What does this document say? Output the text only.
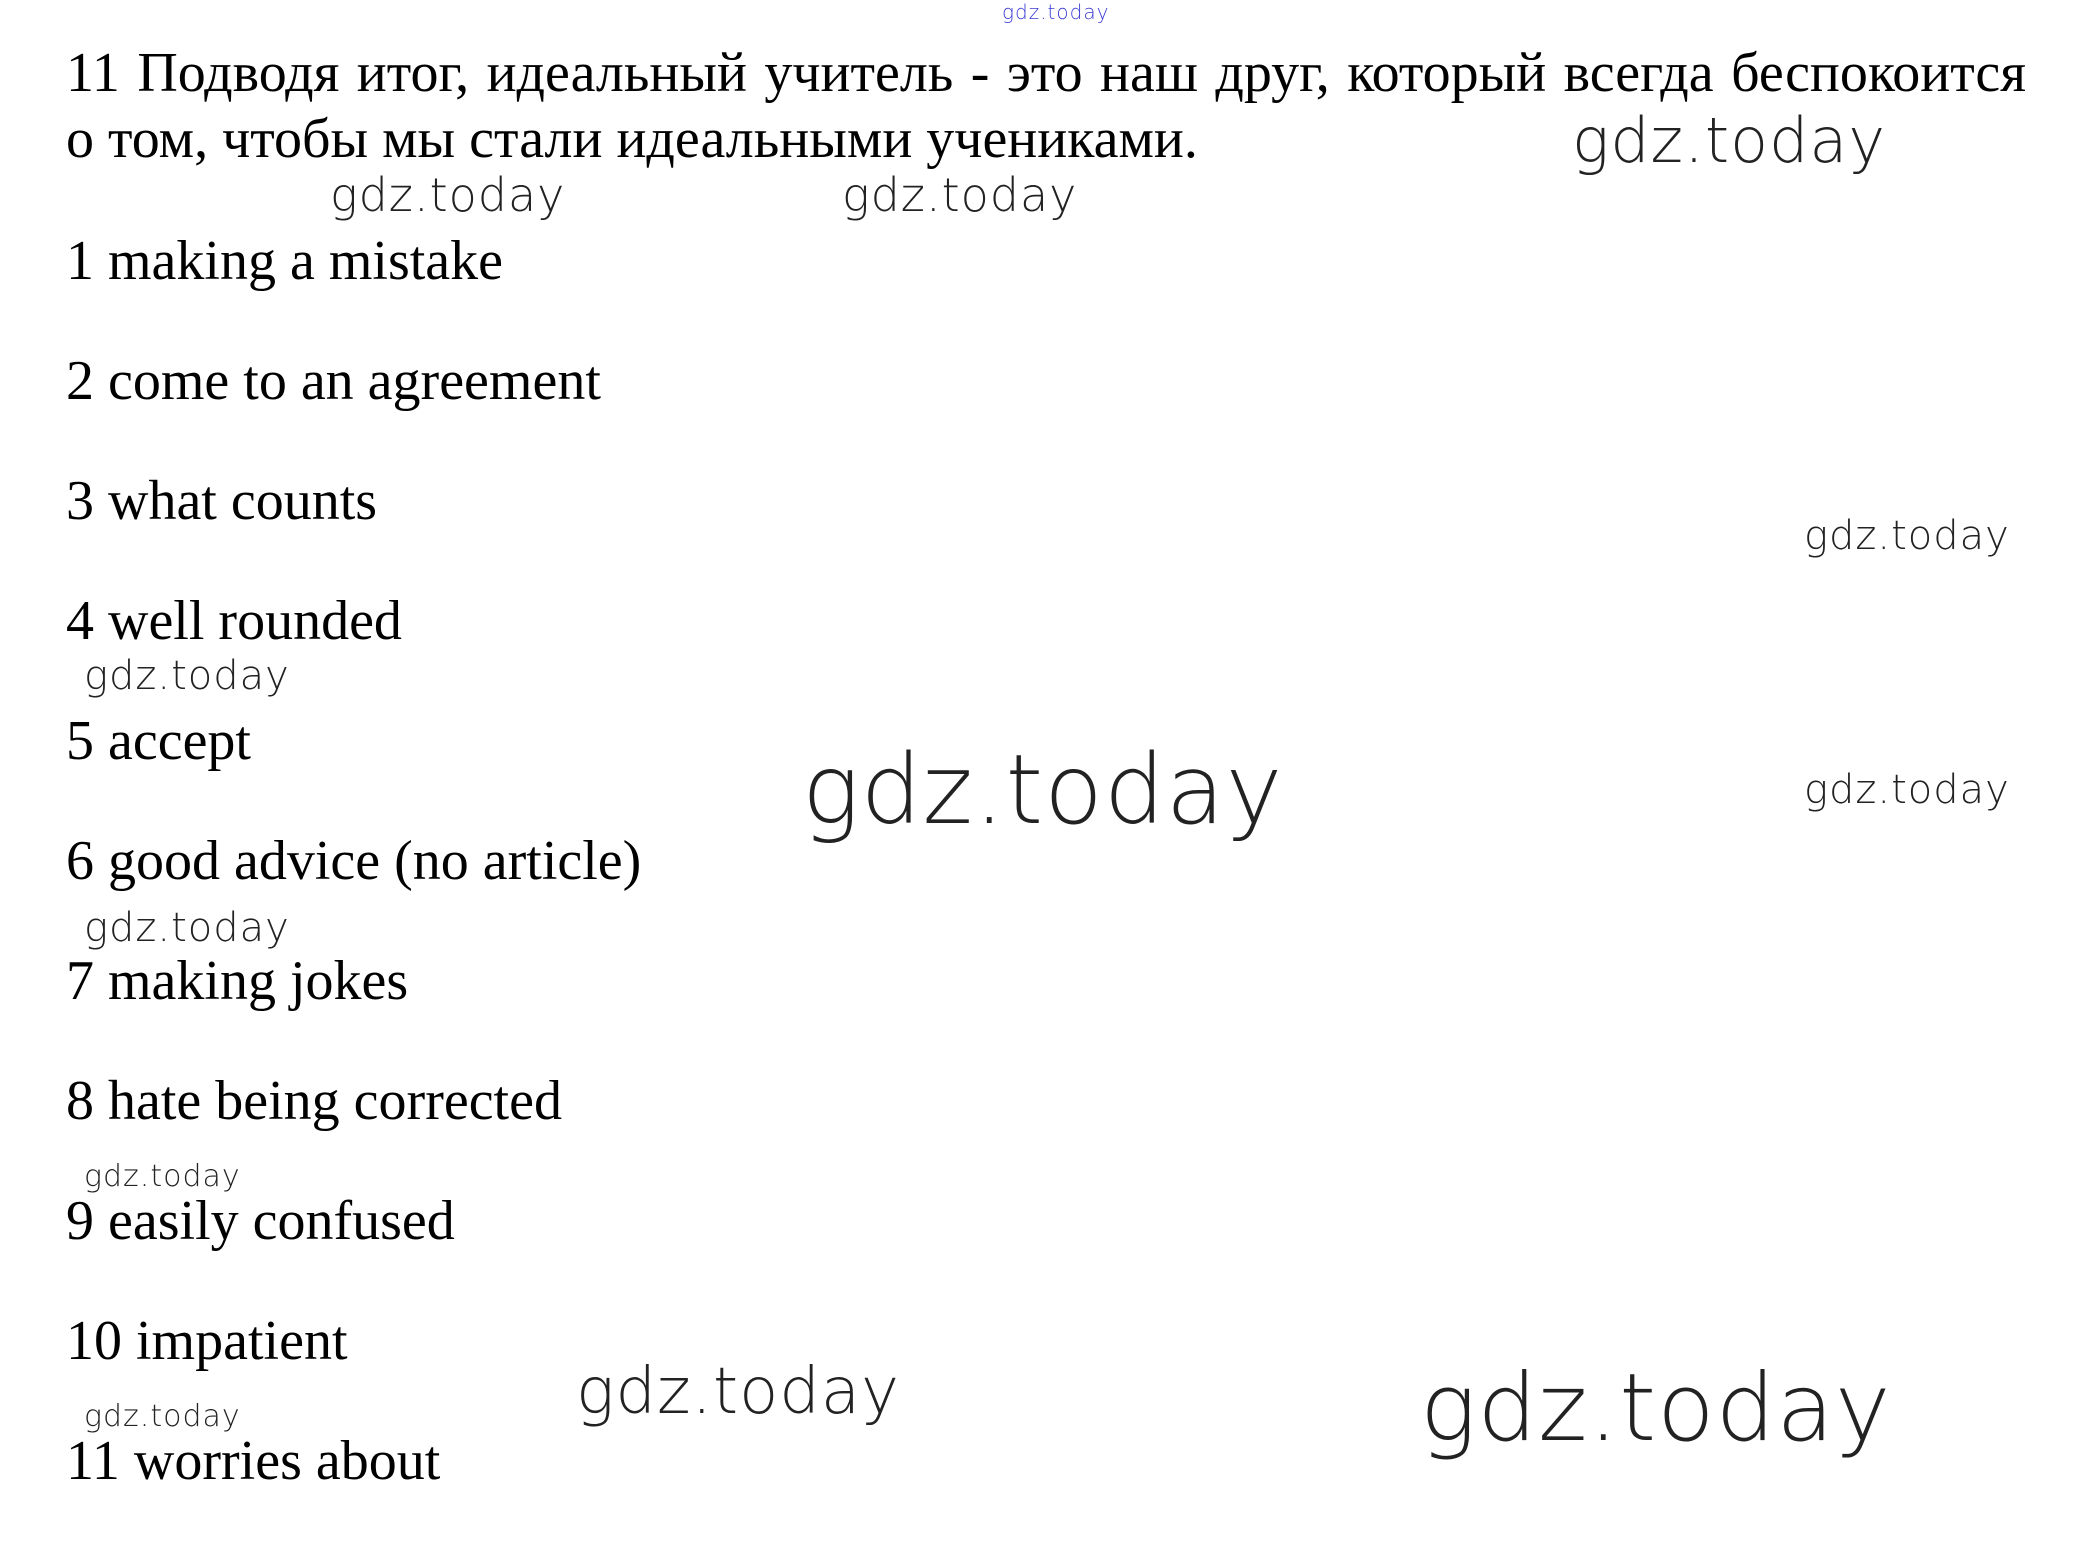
11 Подводя итог, идеальный учитель - это наш друг, который всегда беспокоится о том, чтобы мы стали идеальными учениками.
1 making a mistake
2 come to an agreement
3 what counts
4 well rounded
5 accept
6 good advice (no article)
7 making jokes
8 hate being corrected
9 easily confused
10 impatient
11 worries about
gdz.today
gdz.today
gdz.today	gdz.today
gdz.today
gdz.today
gdz.today	gdz.today
gdz.today
gdz.today
gdz.today	gdz.today
gdz.today
